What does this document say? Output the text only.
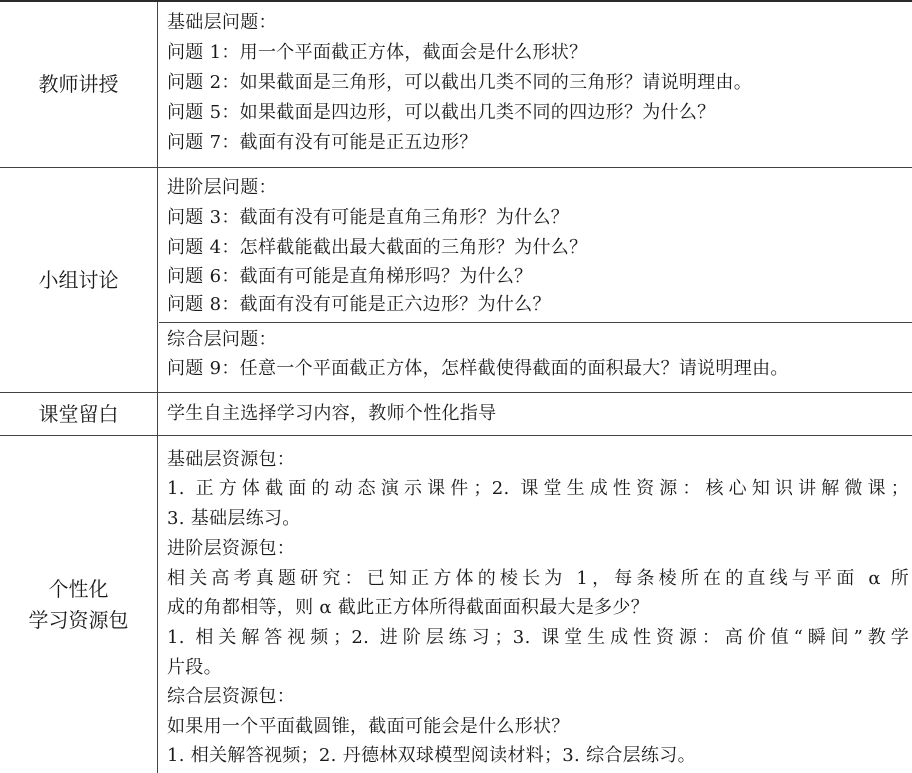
教师讲授
基础层问题：
问题 1：用一个平面截正方体，截面会是什么形状？
问题 2：如果截面是三角形，可以截出几类不同的三角形？请说明理由。
问题 5：如果截面是四边形，可以截出几类不同的四边形？为什么？
问题 7：截面有没有可能是正五边形？
小组讨论
进阶层问题：
问题 3：截面有没有可能是直角三角形？为什么？
问题 4：怎样截能截出最大截面的三角形？为什么？
问题 6：截面有可能是直角梯形吗？为什么？
问题 8：截面有没有可能是正六边形？为什么？
综合层问题：
问题 9：任意一个平面截正方体，怎样截使得截面的面积最大？请说明理由。
课堂留白	学生自主选择学习内容，教师个性化指导
个性化
学习资源包
基础层资源包：
1. 正方体截面的动态演示课件；2. 课堂生成性资源：核心知识讲解微课；
3. 基础层练习。
进阶层资源包：
相关高考真题研究：已知正方体的棱长为 1，每条棱所在的直线与平面 α 所
成的角都相等，则 α 截此正方体所得截面面积最大是多少？
1. 相关解答视频；2. 进阶层练习；3. 课堂生成性资源：高价值“瞬间”教学
片段。
综合层资源包：
如果用一个平面截圆锥，截面可能会是什么形状？
1. 相关解答视频；2. 丹德林双球模型阅读材料；3. 综合层练习。
